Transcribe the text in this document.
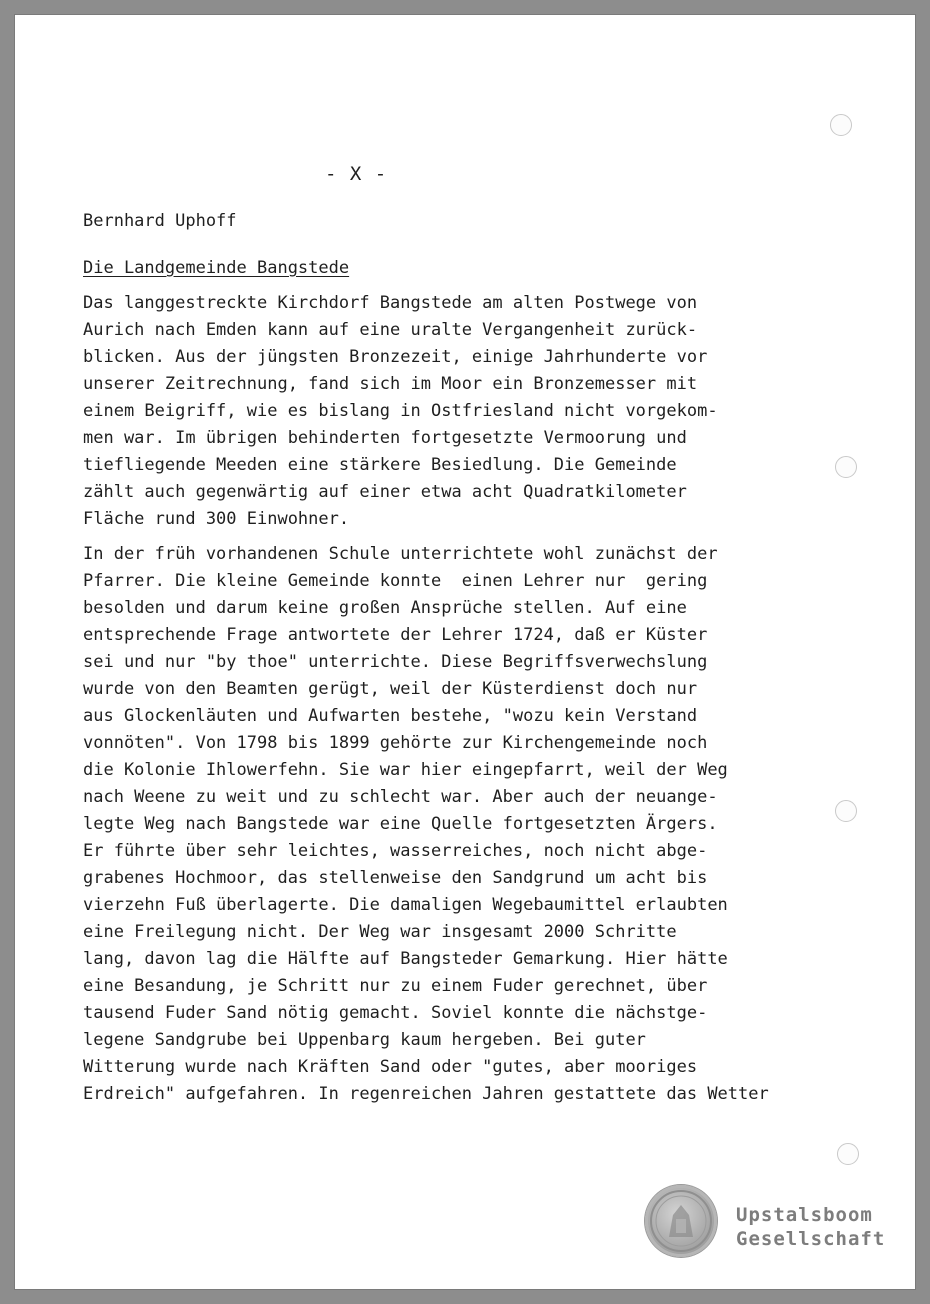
- X -
Bernhard Uphoff
Die Landgemeinde Bangstede
Das langgestreckte Kirchdorf Bangstede am alten Postwege von
Aurich nach Emden kann auf eine uralte Vergangenheit zurück-
blicken. Aus der jüngsten Bronzezeit, einige Jahrhunderte vor
unserer Zeitrechnung, fand sich im Moor ein Bronzemesser mit
einem Beigriff, wie es bislang in Ostfriesland nicht vorgekom-
men war. Im übrigen behinderten fortgesetzte Vermoorung und
tiefliegende Meeden eine stärkere Besiedlung. Die Gemeinde
zählt auch gegenwärtig auf einer etwa acht Quadratkilometer
Fläche rund 300 Einwohner.
In der früh vorhandenen Schule unterrichtete wohl zunächst der
Pfarrer. Die kleine Gemeinde konnte  einen Lehrer nur  gering
besolden und darum keine großen Ansprüche stellen. Auf eine
entsprechende Frage antwortete der Lehrer 1724, daß er Küster
sei und nur "by thoe" unterrichte. Diese Begriffsverwechslung
wurde von den Beamten gerügt, weil der Küsterdienst doch nur
aus Glockenläuten und Aufwarten bestehe, "wozu kein Verstand
vonnöten". Von 1798 bis 1899 gehörte zur Kirchengemeinde noch
die Kolonie Ihlowerfehn. Sie war hier eingepfarrt, weil der Weg
nach Weene zu weit und zu schlecht war. Aber auch der neuange-
legte Weg nach Bangstede war eine Quelle fortgesetzten Ärgers.
Er führte über sehr leichtes, wasserreiches, noch nicht abge-
grabenes Hochmoor, das stellenweise den Sandgrund um acht bis
vierzehn Fuß überlagerte. Die damaligen Wegebaumittel erlaubten
eine Freilegung nicht. Der Weg war insgesamt 2000 Schritte
lang, davon lag die Hälfte auf Bangsteder Gemarkung. Hier hätte
eine Besandung, je Schritt nur zu einem Fuder gerechnet, über
tausend Fuder Sand nötig gemacht. Soviel konnte die nächstge-
legene Sandgrube bei Uppenbarg kaum hergeben. Bei guter
Witterung wurde nach Kräften Sand oder "gutes, aber mooriges
Erdreich" aufgefahren. In regenreichen Jahren gestattete das Wetter
Upstalsboom
Gesellschaft
